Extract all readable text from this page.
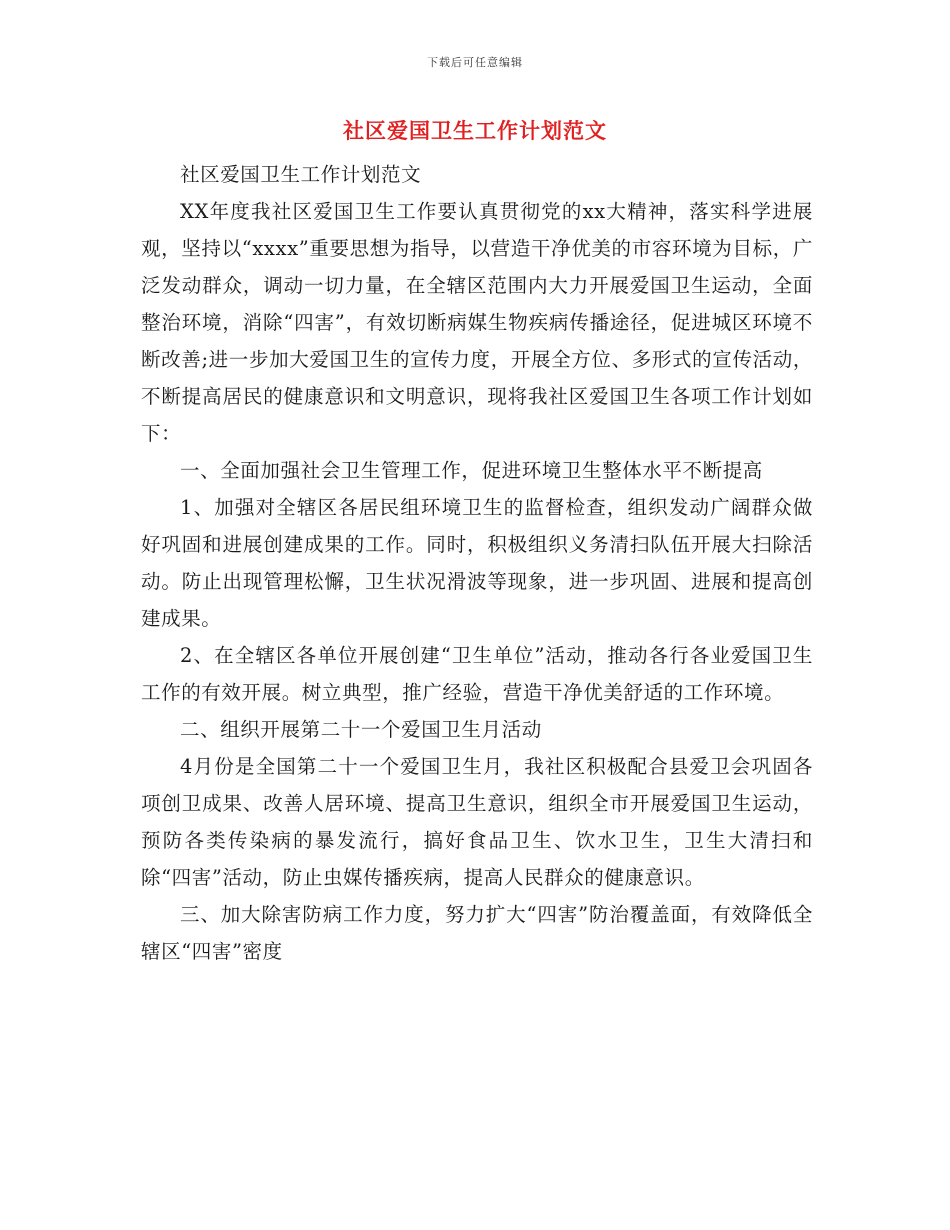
下载后可任意编辑
社区爱国卫生工作计划范文

社区爱国卫生工作计划范文

XX年度我社区爱国卫生工作要认真贯彻党的xx大精神，落实科学进展观，坚持以“xxxx”重要思想为指导，以营造干净优美的市容环境为目标，广泛发动群众，调动一切力量，在全辖区范围内大力开展爱国卫生运动，全面整治环境，消除“四害”，有效切断病媒生物疾病传播途径，促进城区环境不断改善;进一步加大爱国卫生的宣传力度，开展全方位、多形式的宣传活动，不断提高居民的健康意识和文明意识，现将我社区爱国卫生各项工作计划如下：

一、全面加强社会卫生管理工作，促进环境卫生整体水平不断提高

1、加强对全辖区各居民组环境卫生的监督检查，组织发动广阔群众做好巩固和进展创建成果的工作。同时，积极组织义务清扫队伍开展大扫除活动。防止出现管理松懈，卫生状况滑波等现象，进一步巩固、进展和提高创建成果。

2、在全辖区各单位开展创建“卫生单位”活动，推动各行各业爱国卫生工作的有效开展。树立典型，推广经验，营造干净优美舒适的工作环境。

二、组织开展第二十一个爱国卫生月活动

4月份是全国第二十一个爱国卫生月，我社区积极配合县爱卫会巩固各项创卫成果、改善人居环境、提高卫生意识，组织全市开展爱国卫生运动，预防各类传染病的暴发流行，搞好食品卫生、饮水卫生，卫生大清扫和除“四害”活动，防止虫媒传播疾病，提高人民群众的健康意识。

三、加大除害防病工作力度，努力扩大“四害”防治覆盖面，有效降低全辖区“四害”密度
